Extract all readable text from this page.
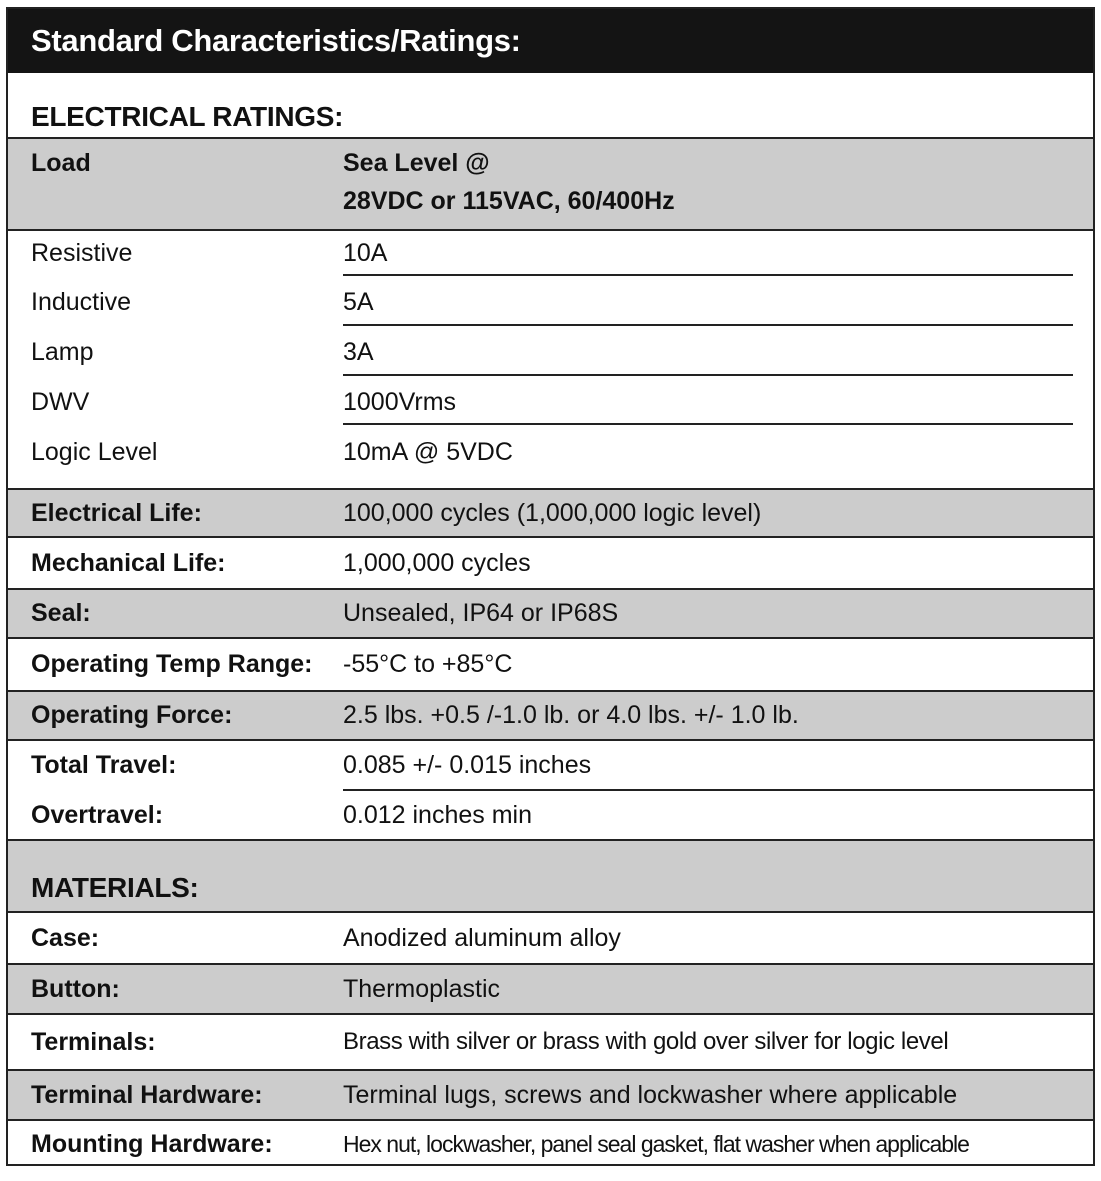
Standard Characteristics/Ratings:
ELECTRICAL RATINGS:
Load	Sea Level @
28VDC or 115VAC, 60/400Hz
Resistive	10A
Inductive	5A
Lamp	3A
DWV	1000Vrms
Logic Level	10mA @ 5VDC
Electrical Life:	100,000 cycles (1,000,000 logic level)
Mechanical Life:	1,000,000 cycles
Seal:	Unsealed, IP64 or IP68S
Operating Temp Range: -55°C to +85°C
Operating Force:	2.5 lbs. +0.5 /-1.0 lb. or 4.0 lbs. +/- 1.0 lb.
Total Travel:	0.085 +/- 0.015 inches
Overtravel:	0.012 inches min
MATERIALS:
Case:	Anodized aluminum alloy
Button:	Thermoplastic
Terminals:	Brass with silver or brass with gold over silver for logic level
Terminal Hardware:	Terminal lugs, screws and lockwasher where applicable
Mounting Hardware:	Hex nut, lockwasher, panel seal gasket, flat washer when applicable
